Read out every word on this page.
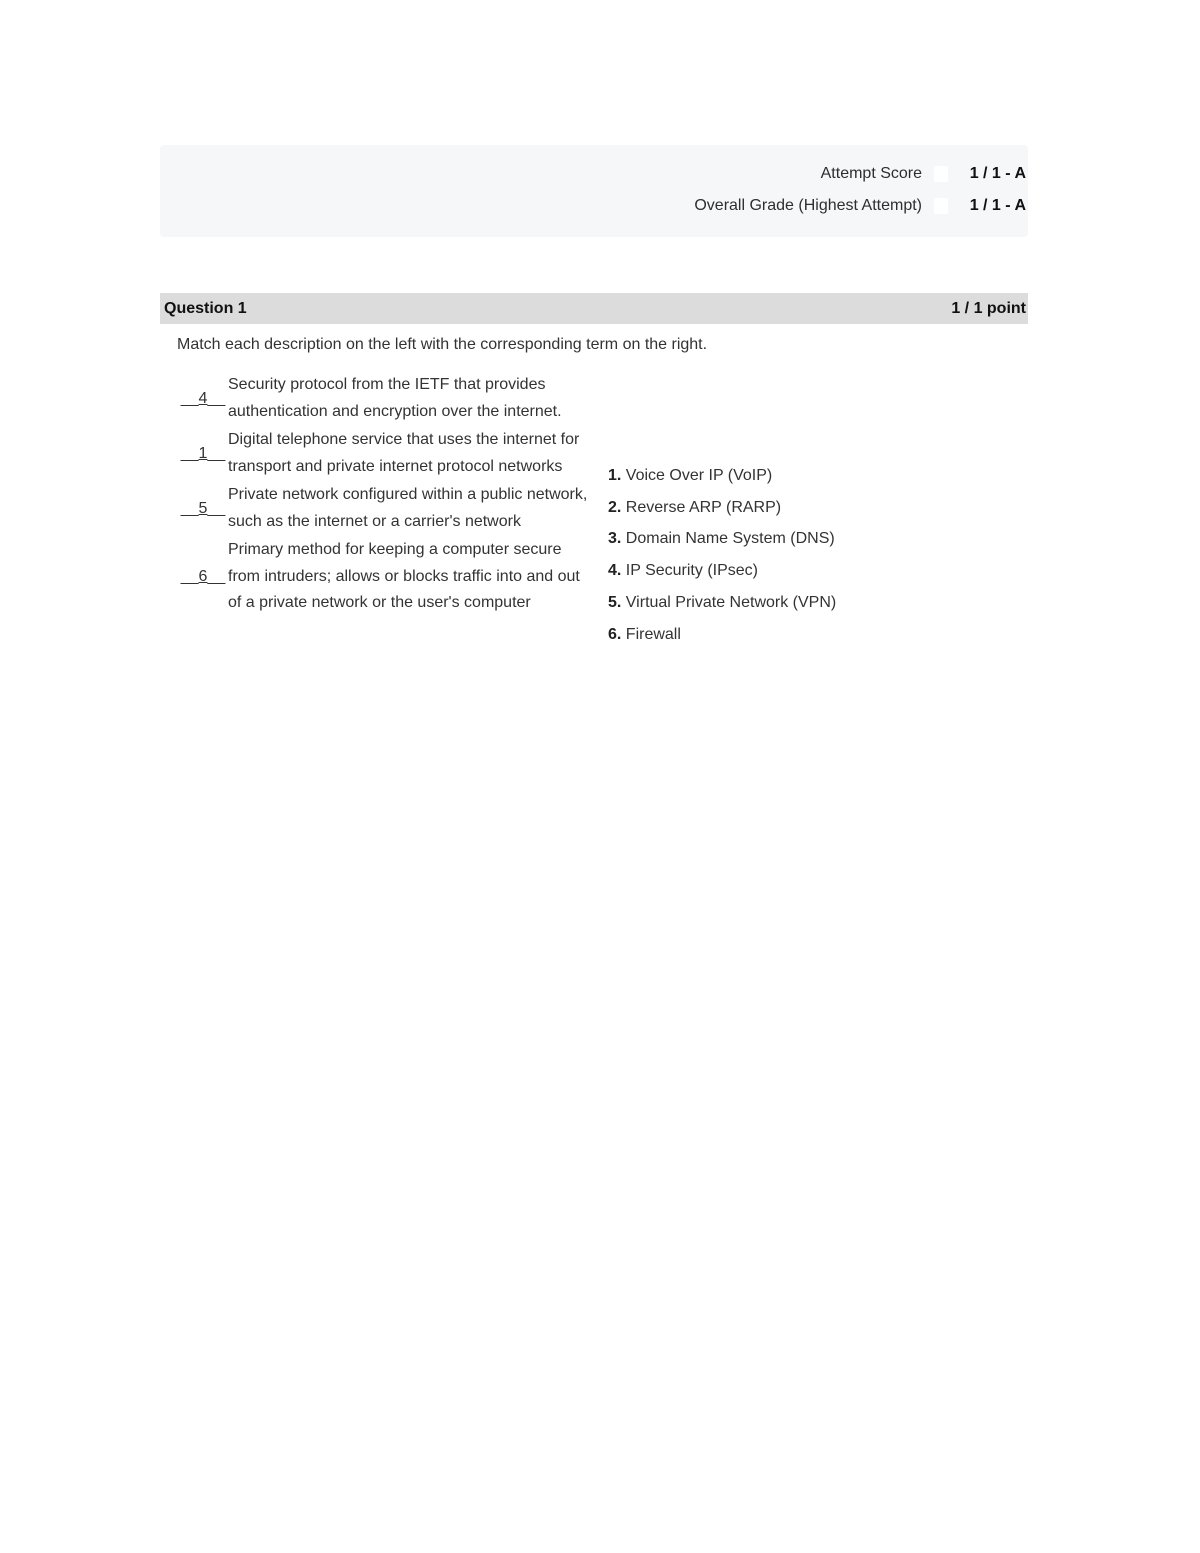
Attempt Score	1 / 1 - A
Overall Grade (Highest Attempt)	1 / 1 - A
Question 1	1 / 1 point
Match each description on the left with the corresponding term on the right.
__4__
Security protocol from the IETF that provides authentication and encryption over the internet.
__1__
Digital telephone service that uses the internet for transport and private internet protocol networks
__5__
Private network configured within a public network, such as the internet or a carrier's network
__6__
Primary method for keeping a computer secure from intruders; allows or blocks traffic into and out of a private network or the user's computer
1. Voice Over IP (VoIP)
2. Reverse ARP (RARP)
3. Domain Name System (DNS)
4. IP Security (IPsec)
5. Virtual Private Network (VPN)
6. Firewall
